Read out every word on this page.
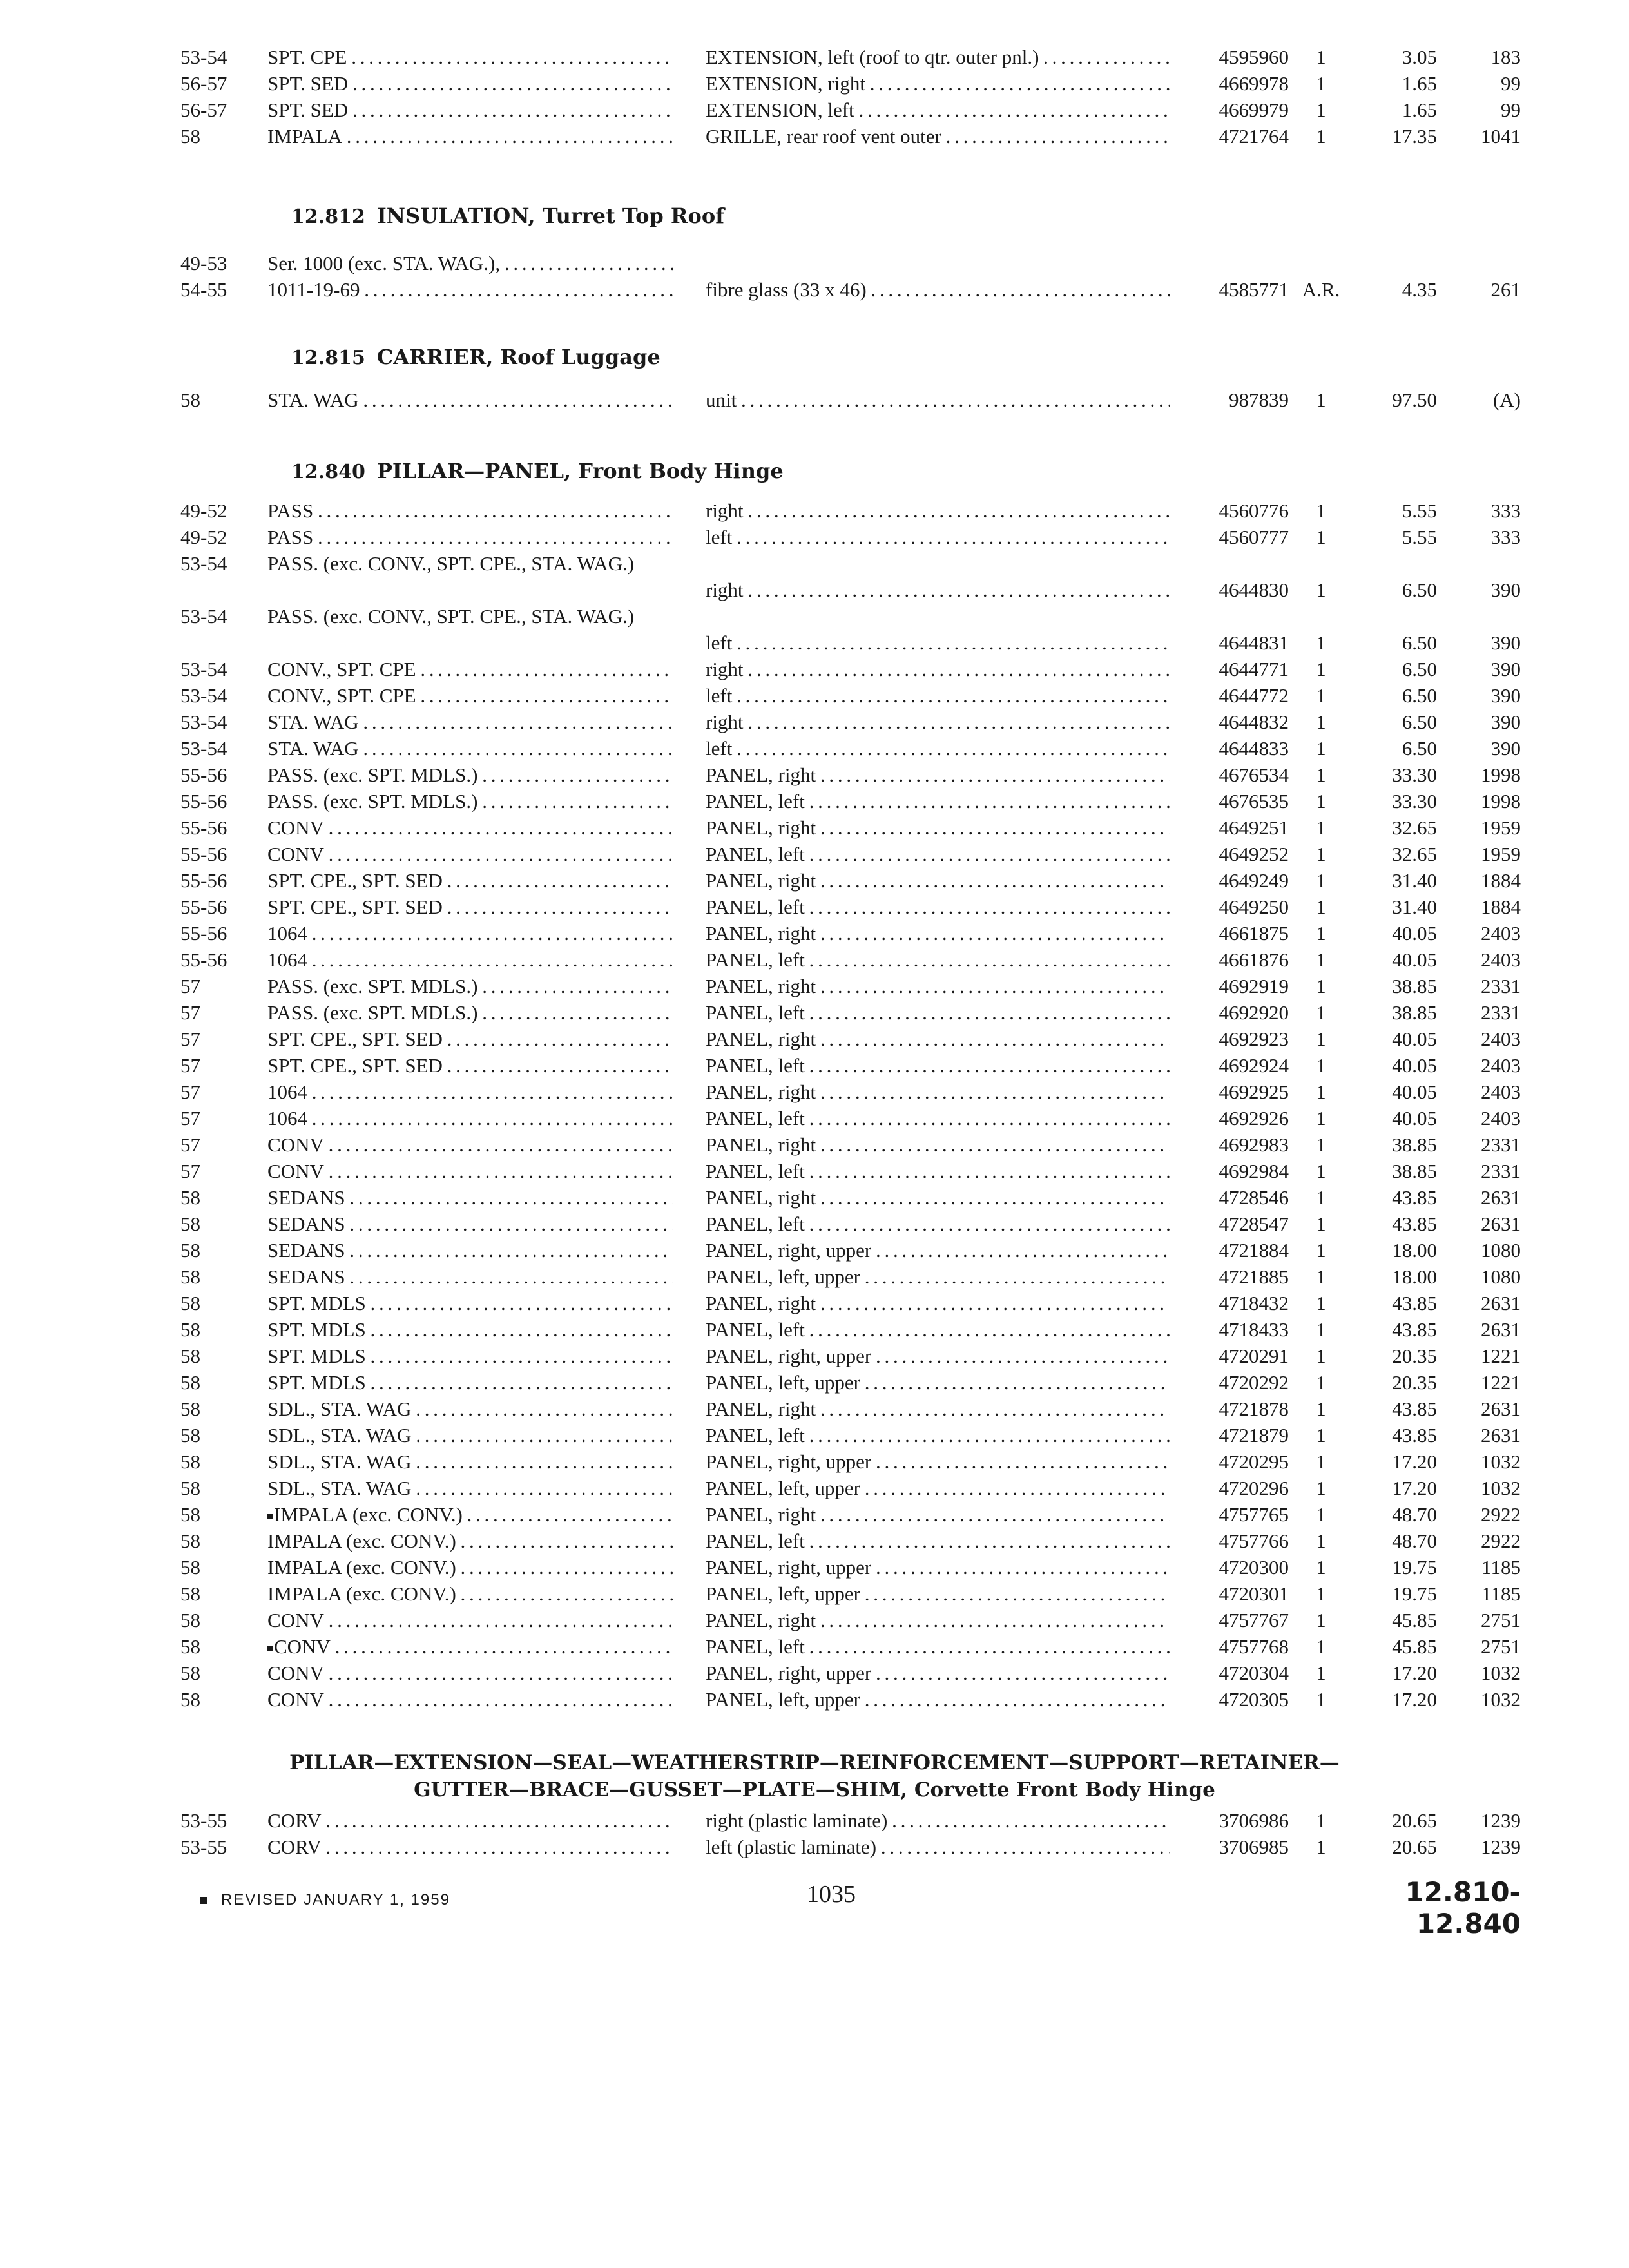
53-54	SPT. CPE . . .	EXTENSION, left (roof to qtr. outer pnl.) . . .	4595960	1	3.05	183
56-57	SPT. SED . . .	EXTENSION, right . . .	4669978	1	1.65	99
56-57	SPT. SED . . .	EXTENSION, left . . .	4669979	1	1.65	99
58	IMPALA . . .	GRILLE, rear roof vent outer . . .	4721764	1	17.35	1041
12.812 INSULATION, Turret Top Roof
49-53	Ser. 1000 (exc. STA. WAG.), . . .
54-55	1011-19-69 . . .	fibre glass (33 x 46) . . .	4585771 A.R.	4.35	261
12.815 CARRIER, Roof Luggage
58	STA. WAG . . .	unit . . .	987839	1	97.50	(A)
12.840 PILLAR—PANEL, Front Body Hinge
49-52	PASS . . .	right . . .	4560776	1	5.55	333
49-52	PASS . . .	left . . .	4560777	1	5.55	333
53-54	PASS. (exc. CONV., SPT. CPE., STA. WAG.)
right . . .	4644830	1	6.50	390
53-54	PASS. (exc. CONV., SPT. CPE., STA. WAG.)
left . . .	4644831	1	6.50	390
53-54	CONV., SPT. CPE . . .	right . . .	4644771	1	6.50	390
53-54	CONV., SPT. CPE . . .	left . . .	4644772	1	6.50	390
53-54	STA. WAG . . .	right . . .	4644832	1	6.50	390
53-54	STA. WAG . . .	left . . .	4644833	1	6.50	390
55-56	PASS. (exc. SPT. MDLS.) . . .	PANEL, right . . .	4676534	1	33.30	1998
55-56	PASS. (exc. SPT. MDLS.) . . .	PANEL, left . . .	4676535	1	33.30	1998
55-56	CONV . . .	PANEL, right . . .	4649251	1	32.65	1959
55-56	CONV . . .	PANEL, left . . .	4649252	1	32.65	1959
55-56	SPT. CPE., SPT. SED . . .	PANEL, right . . .	4649249	1	31.40	1884
55-56	SPT. CPE., SPT. SED . . .	PANEL, left . . .	4649250	1	31.40	1884
55-56	1064 . . .	PANEL, right . . .	4661875	1	40.05	2403
55-56	1064 . . .	PANEL, left . . .	4661876	1	40.05	2403
57	PASS. (exc. SPT. MDLS.) . . .	PANEL, right . . .	4692919	1	38.85	2331
57	PASS. (exc. SPT. MDLS.) . . .	PANEL, left . . .	4692920	1	38.85	2331
57	SPT. CPE., SPT. SED . . .	PANEL, right . . .	4692923	1	40.05	2403
57	SPT. CPE., SPT. SED . . .	PANEL, left . . .	4692924	1	40.05	2403
57	1064 . . .	PANEL, right . . .	4692925	1	40.05	2403
57	1064 . . .	PANEL, left . . .	4692926	1	40.05	2403
57	CONV . . .	PANEL, right . . .	4692983	1	38.85	2331
57	CONV . . .	PANEL, left . . .	4692984	1	38.85	2331
58	SEDANS . . .	PANEL, right . . .	4728546	1	43.85	2631
58	SEDANS . . .	PANEL, left . . .	4728547	1	43.85	2631
58	SEDANS . . .	PANEL, right, upper . . .	4721884	1	18.00	1080
58	SEDANS . . .	PANEL, left, upper . . .	4721885	1	18.00	1080
58	SPT. MDLS . . .	PANEL, right . . .	4718432	1	43.85	2631
58	SPT. MDLS . . .	PANEL, left . . .	4718433	1	43.85	2631
58	SPT. MDLS . . .	PANEL, right, upper . . .	4720291	1	20.35	1221
58	SPT. MDLS . . .	PANEL, left, upper . . .	4720292	1	20.35	1221
58	SDL., STA. WAG . . .	PANEL, right . . .	4721878	1	43.85	2631
58	SDL., STA. WAG . . .	PANEL, left . . .	4721879	1	43.85	2631
58	SDL., STA. WAG . . .	PANEL, right, upper . . .	4720295	1	17.20	1032
58	SDL., STA. WAG . . .	PANEL, left, upper . . .	4720296	1	17.20	1032
58	IMPALA (exc. CONV.) . . .	PANEL, right . . .	4757765	1	48.70	2922
58	IMPALA (exc. CONV.) . . .	PANEL, left . . .	4757766	1	48.70	2922
58	IMPALA (exc. CONV.) . . .	PANEL, right, upper . . .	4720300	1	19.75	1185
58	IMPALA (exc. CONV.) . . .	PANEL, left, upper . . .	4720301	1	19.75	1185
58	CONV . . .	PANEL, right . . .	4757767	1	45.85	2751
58	CONV . . .	PANEL, left . . .	4757768	1	45.85	2751
58	CONV . . .	PANEL, right, upper . . .	4720304	1	17.20	1032
58	CONV . . .	PANEL, left, upper . . .	4720305	1	17.20	1032
PILLAR—EXTENSION—SEAL—WEATHERSTRIP—REINFORCEMENT—SUPPORT—RETAINER—
GUTTER—BRACE—GUSSET—PLATE—SHIM, Corvette Front Body Hinge
53-55	CORV . . .	right (plastic laminate) . . .	3706986	1	20.65	1239
53-55	CORV . . .	left (plastic laminate) . . .	3706985	1	20.65	1239
REVISED JANUARY 1, 1959	1035	12.810-12.840
